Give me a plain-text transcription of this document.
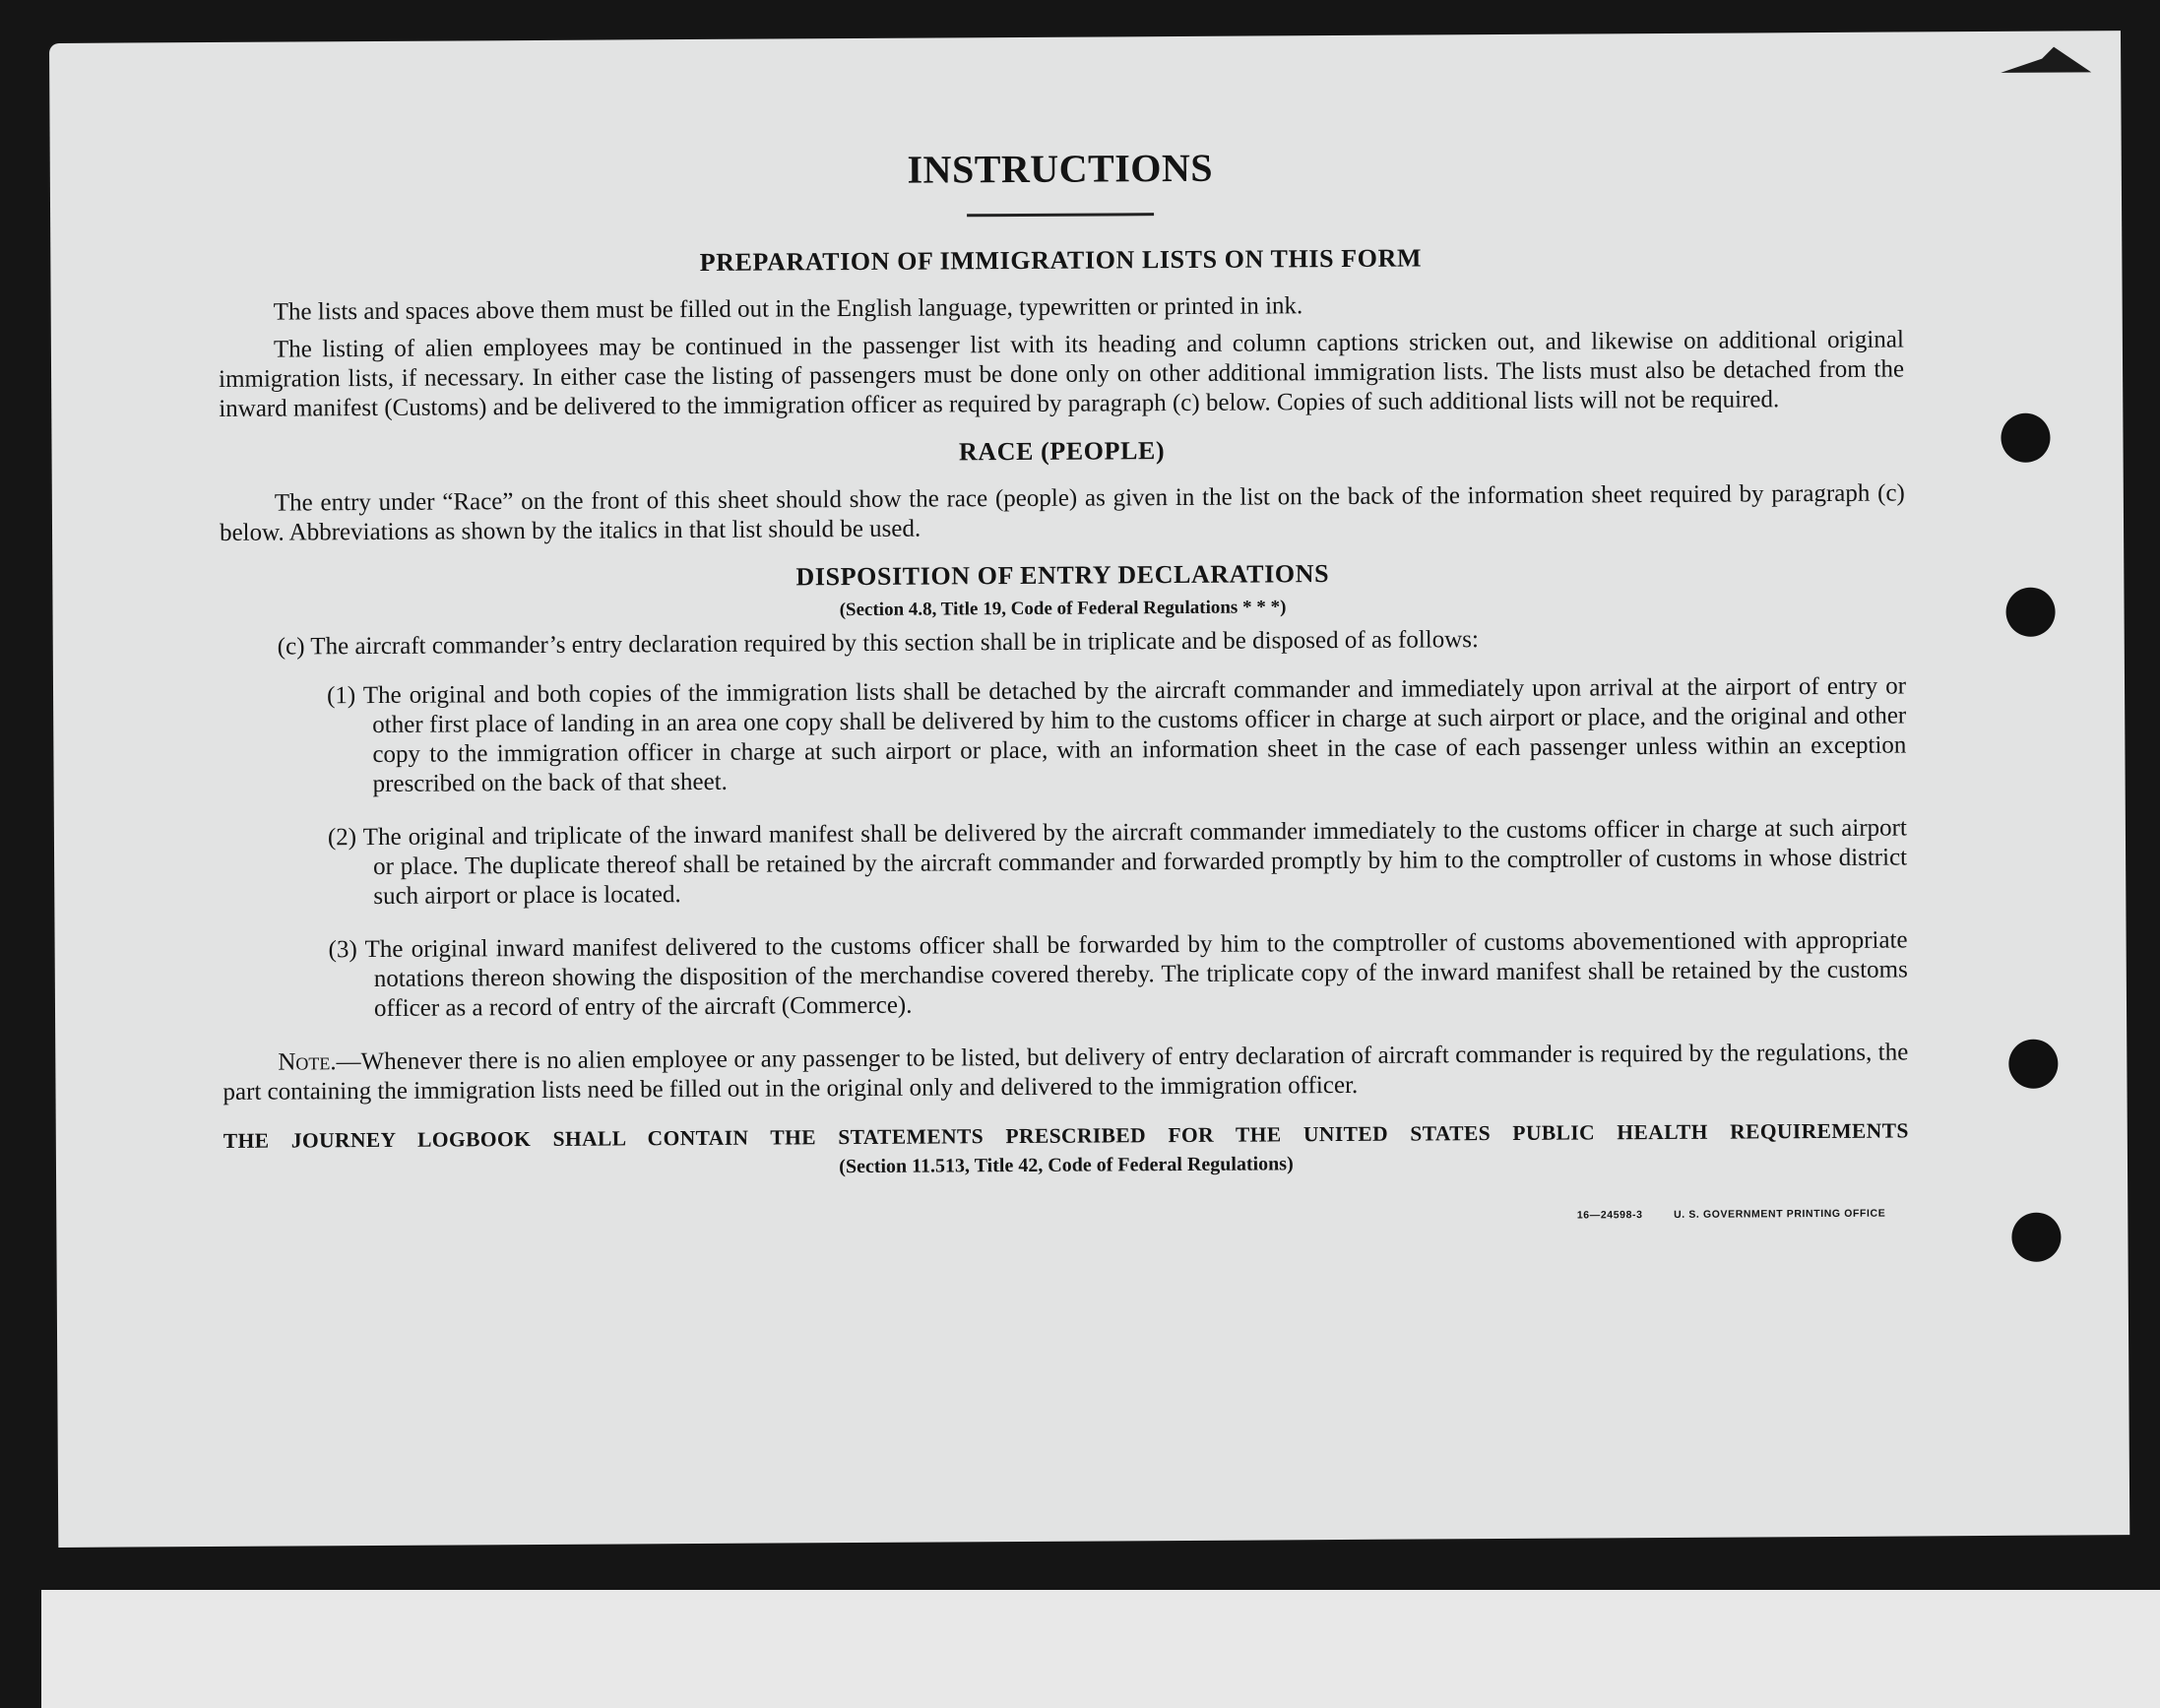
INSTRUCTIONS
PREPARATION OF IMMIGRATION LISTS ON THIS FORM

The lists and spaces above them must be filled out in the English language, typewritten or printed in ink.

The listing of alien employees may be continued in the passenger list with its heading and column captions stricken out, and likewise on additional original immigration lists, if necessary. In either case the listing of passengers must be done only on other additional immigration lists. The lists must also be detached from the inward manifest (Customs) and be delivered to the immigration officer as required by paragraph (c) below. Copies of such additional lists will not be required.

RACE (PEOPLE)

The entry under “Race” on the front of this sheet should show the race (people) as given in the list on the back of the information sheet required by paragraph (c) below. Abbreviations as shown by the italics in that list should be used.

DISPOSITION OF ENTRY DECLARATIONS
(Section 4.8, Title 19, Code of Federal Regulations * * *)

(c) The aircraft commander’s entry declaration required by this section shall be in triplicate and be disposed of as follows:

(1) The original and both copies of the immigration lists shall be detached by the aircraft commander and immediately upon arrival at the airport of entry or other first place of landing in an area one copy shall be delivered by him to the customs officer in charge at such airport or place, and the original and other copy to the immigration officer in charge at such airport or place, with an information sheet in the case of each passenger unless within an exception prescribed on the back of that sheet.

(2) The original and triplicate of the inward manifest shall be delivered by the aircraft commander immediately to the customs officer in charge at such airport or place. The duplicate thereof shall be retained by the aircraft commander and forwarded promptly by him to the comptroller of customs in whose district such airport or place is located.

(3) The original inward manifest delivered to the customs officer shall be forwarded by him to the comptroller of customs abovementioned with appropriate notations thereon showing the disposition of the merchandise covered thereby. The triplicate copy of the inward manifest shall be retained by the customs officer as a record of entry of the aircraft (Commerce).

Note.—Whenever there is no alien employee or any passenger to be listed, but delivery of entry declaration of aircraft commander is required by the regulations, the part containing the immigration lists need be filled out in the original only and delivered to the immigration officer.

THE JOURNEY LOGBOOK SHALL CONTAIN THE STATEMENTS PRESCRIBED FOR THE UNITED STATES PUBLIC HEALTH REQUIREMENTS
(Section 11.513, Title 42, Code of Federal Regulations)
16—24598-3	U. S. GOVERNMENT PRINTING OFFICE
